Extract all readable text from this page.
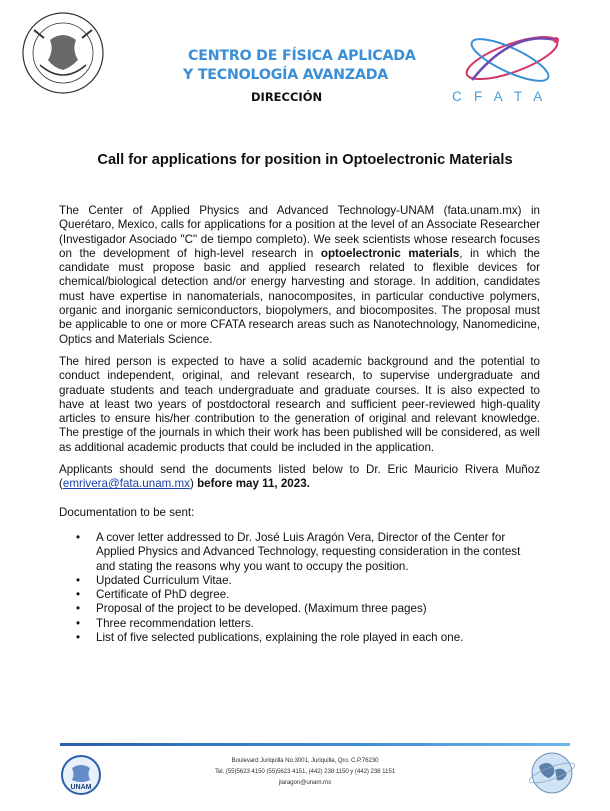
CENTRO DE FÍSICA APLICADA
Y TECNOLOGÍA AVANZADA
DIRECCIÓN	CFATA
Call for applications for position in Optoelectronic Materials

The Center of Applied Physics and Advanced Technology-UNAM (fata.unam.mx) in Querétaro, Mexico, calls for applications for a position at the level of an Associate Researcher (Investigador Asociado "C" de tiempo completo). We seek scientists whose research focuses on the development of high-level research in optoelectronic materials, in which the candidate must propose basic and applied research related to flexible devices for chemical/biological detection and/or energy harvesting and storage. In addition, candidates must have expertise in nanomaterials, nanocomposites, in particular conductive polymers, organic and inorganic semiconductors, biopolymers, and biocomposites. The proposal must be applicable to one or more CFATA research areas such as Nanotechnology, Nanomedicine, Optics and Materials Science.

The hired person is expected to have a solid academic background and the potential to conduct independent, original, and relevant research, to supervise undergraduate and graduate students and teach undergraduate and graduate courses. It is also expected to have at least two years of postdoctoral research and sufficient peer-reviewed high-quality articles to ensure his/her contribution to the generation of original and relevant knowledge. The prestige of the journals in which their work has been published will be considered, as well as additional academic products that could be included in the application.

Applicants should send the documents listed below to Dr. Eric Mauricio Rivera Muñoz (emrivera@fata.unam.mx) before may 11, 2023.

Documentation to be sent:
• A cover letter addressed to Dr. José Luis Aragón Vera, Director of the Center for Applied Physics and Advanced Technology, requesting consideration in the contest and stating the reasons why you want to occupy the position.
• Updated Curriculum Vitae.
• Certificate of PhD degree.
• Proposal of the project to be developed. (Maximum three pages)
• Three recommendation letters.
• List of five selected publications, explaining the role played in each one.
UNAM
Boulevard Juriquilla No.3001, Juriquilla, Qro. C.P.76230
Tel. (55)5623 4150 (55)5623 4151, (442) 238 1150 y (442) 238 1151
jlaragon@unam.mx
